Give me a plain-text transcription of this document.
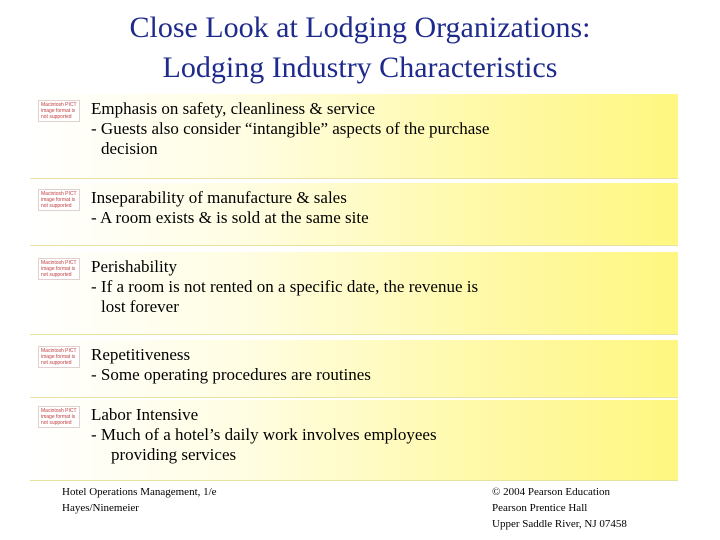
Close Look at Lodging Organizations:
Lodging Industry Characteristics
Macintosh PICT image format is not supported	Emphasis on safety, cleanliness & service
- Guests also consider “intangible” aspects of the purchase
decision
Macintosh PICT image format is not supported	Inseparability of manufacture & sales
- A room exists & is sold at the same site
Macintosh PICT image format is not supported	Perishability
- If a room is not rented on a specific date, the revenue is
lost forever
Macintosh PICT image format is not supported	Repetitiveness
- Some operating procedures are routines
Macintosh PICT image format is not supported	Labor Intensive
- Much of a hotel’s daily work involves employees
providing services
Hotel Operations Management, 1/e
Hayes/Ninemeier
© 2004 Pearson Education
Pearson Prentice Hall
Upper Saddle River, NJ 07458
